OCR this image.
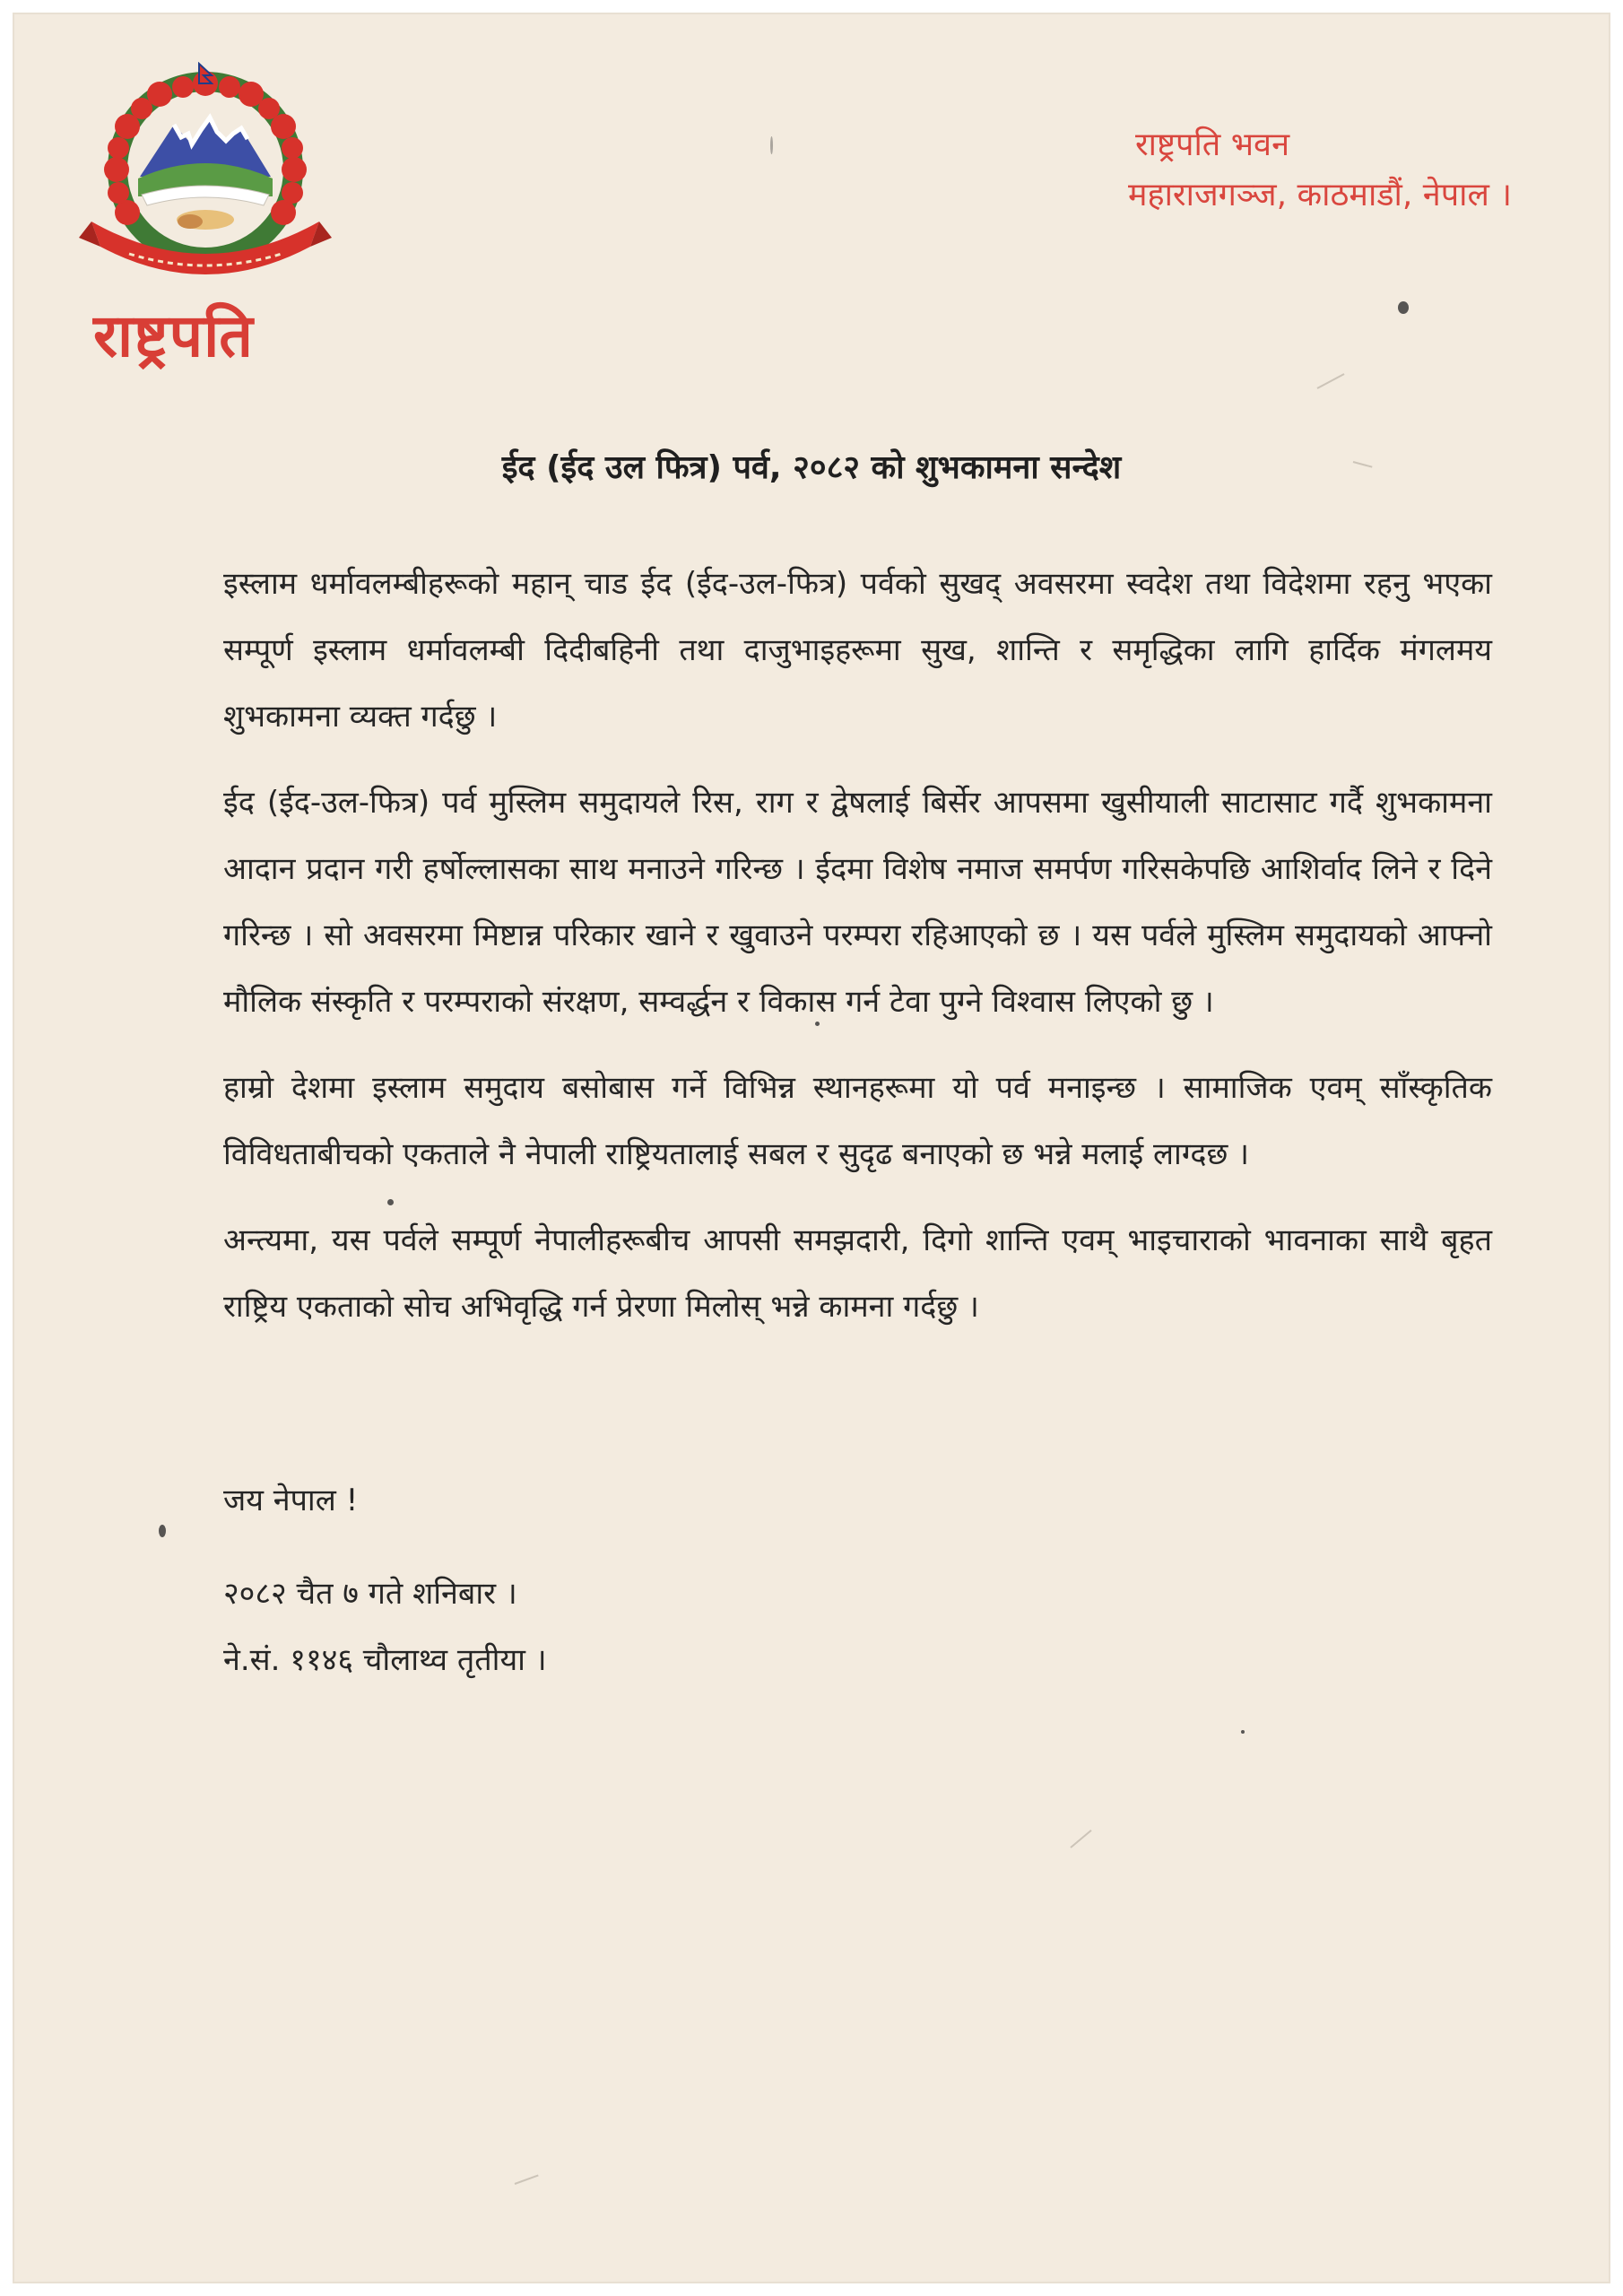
राष्ट्रपति
राष्ट्रपति भवन
महाराजगञ्ज, काठमाडौं, नेपाल ।
ईद (ईद उल फित्र) पर्व, २०८२ को शुभकामना सन्देश

इस्लाम धर्मावलम्बीहरूको महान् चाड ईद (ईद-उल-फित्र) पर्वको सुखद् अवसरमा स्वदेश तथा विदेशमा रहनु भएका सम्पूर्ण इस्लाम धर्मावलम्बी दिदीबहिनी तथा दाजुभाइहरूमा सुख, शान्ति र समृद्धिका लागि हार्दिक मंगलमय शुभकामना व्यक्त गर्दछु ।

ईद (ईद-उल-फित्र) पर्व मुस्लिम समुदायले रिस, राग र द्वेषलाई बिर्सेर आपसमा खुसीयाली साटासाट गर्दै शुभकामना आदान प्रदान गरी हर्षोल्लासका साथ मनाउने गरिन्छ । ईदमा विशेष नमाज समर्पण गरिसकेपछि आशिर्वाद लिने र दिने गरिन्छ । सो अवसरमा मिष्टान्न परिकार खाने र खुवाउने परम्परा रहिआएको छ । यस पर्वले मुस्लिम समुदायको आफ्नो मौलिक संस्कृति र परम्पराको संरक्षण, सम्वर्द्धन र विकास गर्न टेवा पुग्ने विश्वास लिएको छु ।

हाम्रो देशमा इस्लाम समुदाय बसोबास गर्ने विभिन्न स्थानहरूमा यो पर्व मनाइन्छ । सामाजिक एवम् साँस्कृतिक विविधताबीचको एकताले नै नेपाली राष्ट्रियतालाई सबल र सुदृढ बनाएको छ भन्ने मलाई लाग्दछ ।

अन्त्यमा, यस पर्वले सम्पूर्ण नेपालीहरूबीच आपसी समझदारी, दिगो शान्ति एवम् भाइचाराको भावनाका साथै बृहत राष्ट्रिय एकताको सोच अभिवृद्धि गर्न प्रेरणा मिलोस् भन्ने कामना गर्दछु ।

जय नेपाल !
२०८२ चैत ७ गते शनिबार ।
ने.सं. ११४६ चौलाथ्व तृतीया ।
